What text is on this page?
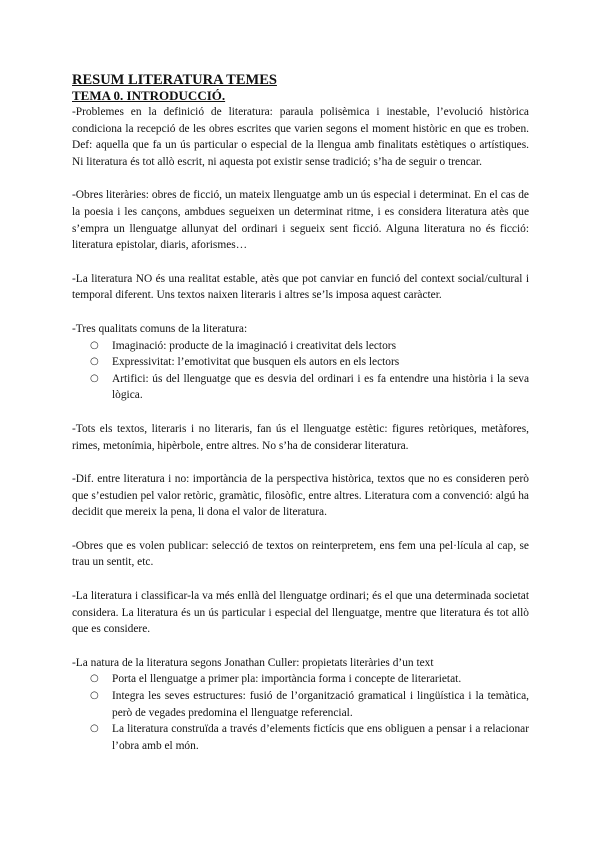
RESUM LITERATURA TEMES
TEMA 0. INTRODUCCIÓ.

-Problemes en la definició de literatura: paraula polisèmica i inestable, l’evolució històrica condiciona la recepció de les obres escrites que varien segons el moment històric en que es troben. Def: aquella que fa un ús particular o especial de la llengua amb finalitats estètiques o artístiques. Ni literatura és tot allò escrit, ni aquesta pot existir sense tradició; s’ha de seguir o trencar.

-Obres literàries: obres de ficció, un mateix llenguatge amb un ús especial i determinat. En el cas de la poesia i les cançons, ambdues segueixen un determinat ritme, i es considera literatura atès que s’empra un llenguatge allunyat del ordinari i segueix sent ficció. Alguna literatura no és ficció: literatura epistolar, diaris, aforismes…

-La literatura NO és una realitat estable, atès que pot canviar en funció del context social/cultural i temporal diferent. Uns textos naixen literaris i altres se’ls imposa aquest caràcter.

-Tres qualitats comuns de la literatura:

○ Imaginació: producte de la imaginació i creativitat dels lectors
○ Expressivitat: l’emotivitat que busquen els autors en els lectors
○ Artifici: ús del llenguatge que es desvia del ordinari i es fa entendre una història i la seva lògica.

-Tots els textos, literaris i no literaris, fan ús el llenguatge estètic: figures retòriques, metàfores, rimes, metonímia, hipèrbole, entre altres. No s’ha de considerar literatura.

-Dif. entre literatura i no: importància de la perspectiva històrica, textos que no es consideren però que s’estudien pel valor retòric, gramàtic, filosòfic, entre altres. Literatura com a convenció: algú ha decidit que mereix la pena, li dona el valor de literatura.

-Obres que es volen publicar: selecció de textos on reinterpretem, ens fem una pel·lícula al cap, se trau un sentit, etc.

-La literatura i classificar-la va més enllà del llenguatge ordinari; és el que una determinada societat considera. La literatura és un ús particular i especial del llenguatge, mentre que literatura és tot allò que es considere.

-La natura de la literatura segons Jonathan Culler: propietats literàries d’un text

○ Porta el llenguatge a primer pla: importància forma i concepte de literarietat.
○ Integra les seves estructures: fusió de l’organització gramatical i lingüística i la temàtica, però de vegades predomina el llenguatge referencial.
○ La literatura construïda a través d’elements fictícis que ens obliguen a pensar i a relacionar l’obra amb el món.
